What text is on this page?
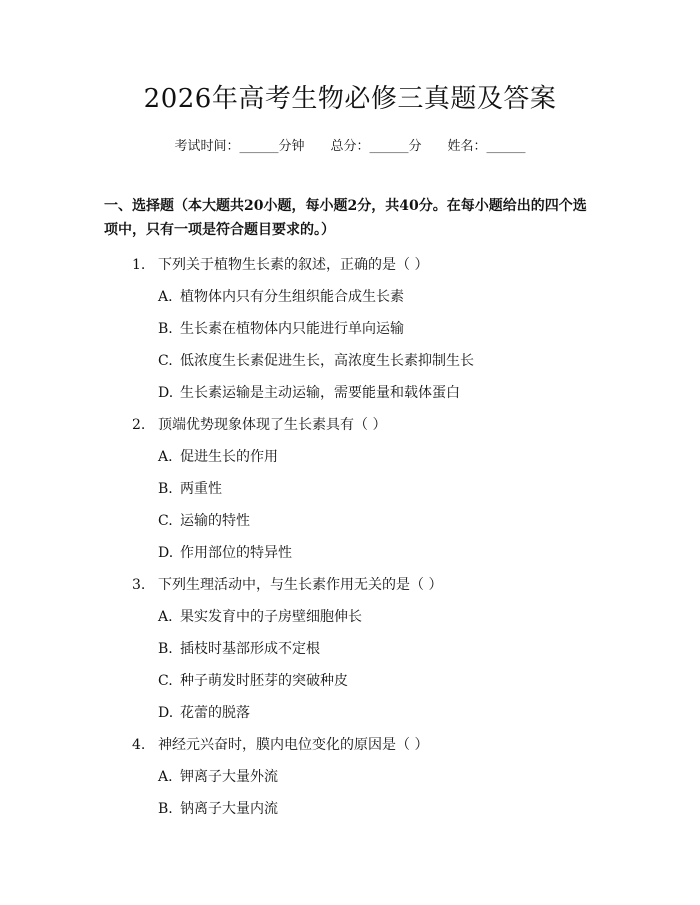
2026年高考生物必修三真题及答案
考试时间：______分钟 总分：______分 姓名：______
一、选择题（本大题共20小题，每小题2分，共40分。在每小题给出的四个选项中，只有一项是符合题目要求的。）
1. 下列关于植物生长素的叙述，正确的是（ ）
A. 植物体内只有分生组织能合成生长素
B. 生长素在植物体内只能进行单向运输
C. 低浓度生长素促进生长，高浓度生长素抑制生长
D. 生长素运输是主动运输，需要能量和载体蛋白
2. 顶端优势现象体现了生长素具有（ ）
A. 促进生长的作用
B. 两重性
C. 运输的特性
D. 作用部位的特异性
3. 下列生理活动中，与生长素作用无关的是（ ）
A. 果实发育中的子房壁细胞伸长
B. 插枝时基部形成不定根
C. 种子萌发时胚芽的突破种皮
D. 花蕾的脱落
4. 神经元兴奋时，膜内电位变化的原因是（ ）
A. 钾离子大量外流
B. 钠离子大量内流
